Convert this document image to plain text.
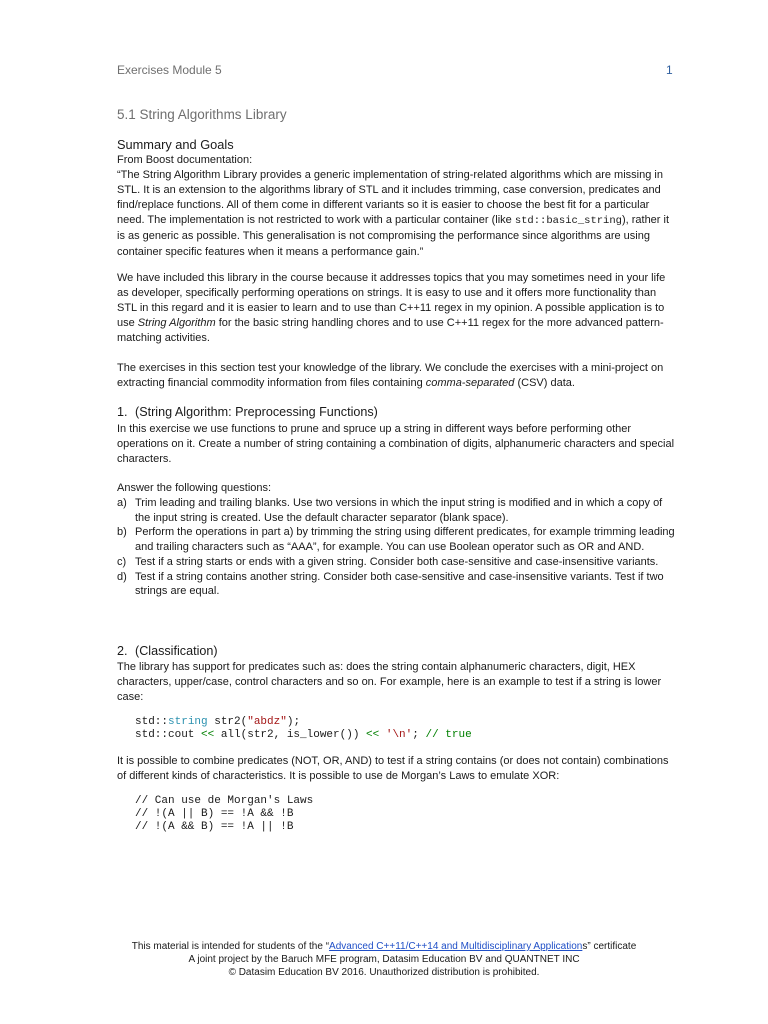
Exercises Module 5	1
5.1 String Algorithms Library
Summary and Goals
From Boost documentation:
“The String Algorithm Library provides a generic implementation of string-related algorithms which are missing in STL. It is an extension to the algorithms library of STL and it includes trimming, case conversion, predicates and find/replace functions. All of them come in different variants so it is easier to choose the best fit for a particular need. The implementation is not restricted to work with a particular container (like std::basic_string), rather it is as generic as possible. This generalisation is not compromising the performance since algorithms are using container specific features when it means a performance gain.”
We have included this library in the course because it addresses topics that you may sometimes need in your life as developer, specifically performing operations on strings. It is easy to use and it offers more functionality than STL in this regard and it is easier to learn and to use than C++11 regex in my opinion. A possible application is to use String Algorithm for the basic string handling chores and to use C++11 regex for the more advanced pattern-matching activities.
The exercises in this section test your knowledge of the library. We conclude the exercises with a mini-project on extracting financial commodity information from files containing comma-separated (CSV) data.
1. (String Algorithm: Preprocessing Functions)
In this exercise we use functions to prune and spruce up a string in different ways before performing other operations on it. Create a number of string containing a combination of digits, alphanumeric characters and special characters.
Answer the following questions:
a) Trim leading and trailing blanks. Use two versions in which the input string is modified and in which a copy of the input string is created. Use the default character separator (blank space).
b) Perform the operations in part a) by trimming the string using different predicates, for example trimming leading and trailing characters such as “AAA”, for example. You can use Boolean operator such as OR and AND.
c) Test if a string starts or ends with a given string. Consider both case-sensitive and case-insensitive variants.
d) Test if a string contains another string. Consider both case-sensitive and case-insensitive variants. Test if two strings are equal.
2. (Classification)
The library has support for predicates such as: does the string contain alphanumeric characters, digit, HEX characters, upper/case, control characters and so on. For example, here is an example to test if a string is lower case:
std::string str2("abdz");
std::cout << all(str2, is_lower()) << '\n'; // true
It is possible to combine predicates (NOT, OR, AND) to test if a string contains (or does not contain) combinations of different kinds of characteristics. It is possible to use de Morgan’s Laws to emulate XOR:
// Can use de Morgan's Laws
// !(A || B) == !A && !B
// !(A && B) == !A || !B
This material is intended for students of the “Advanced C++11/C++14 and Multidisciplinary Applications” certificate
A joint project by the Baruch MFE program, Datasim Education BV and QUANTNET INC
© Datasim Education BV 2016. Unauthorized distribution is prohibited.
